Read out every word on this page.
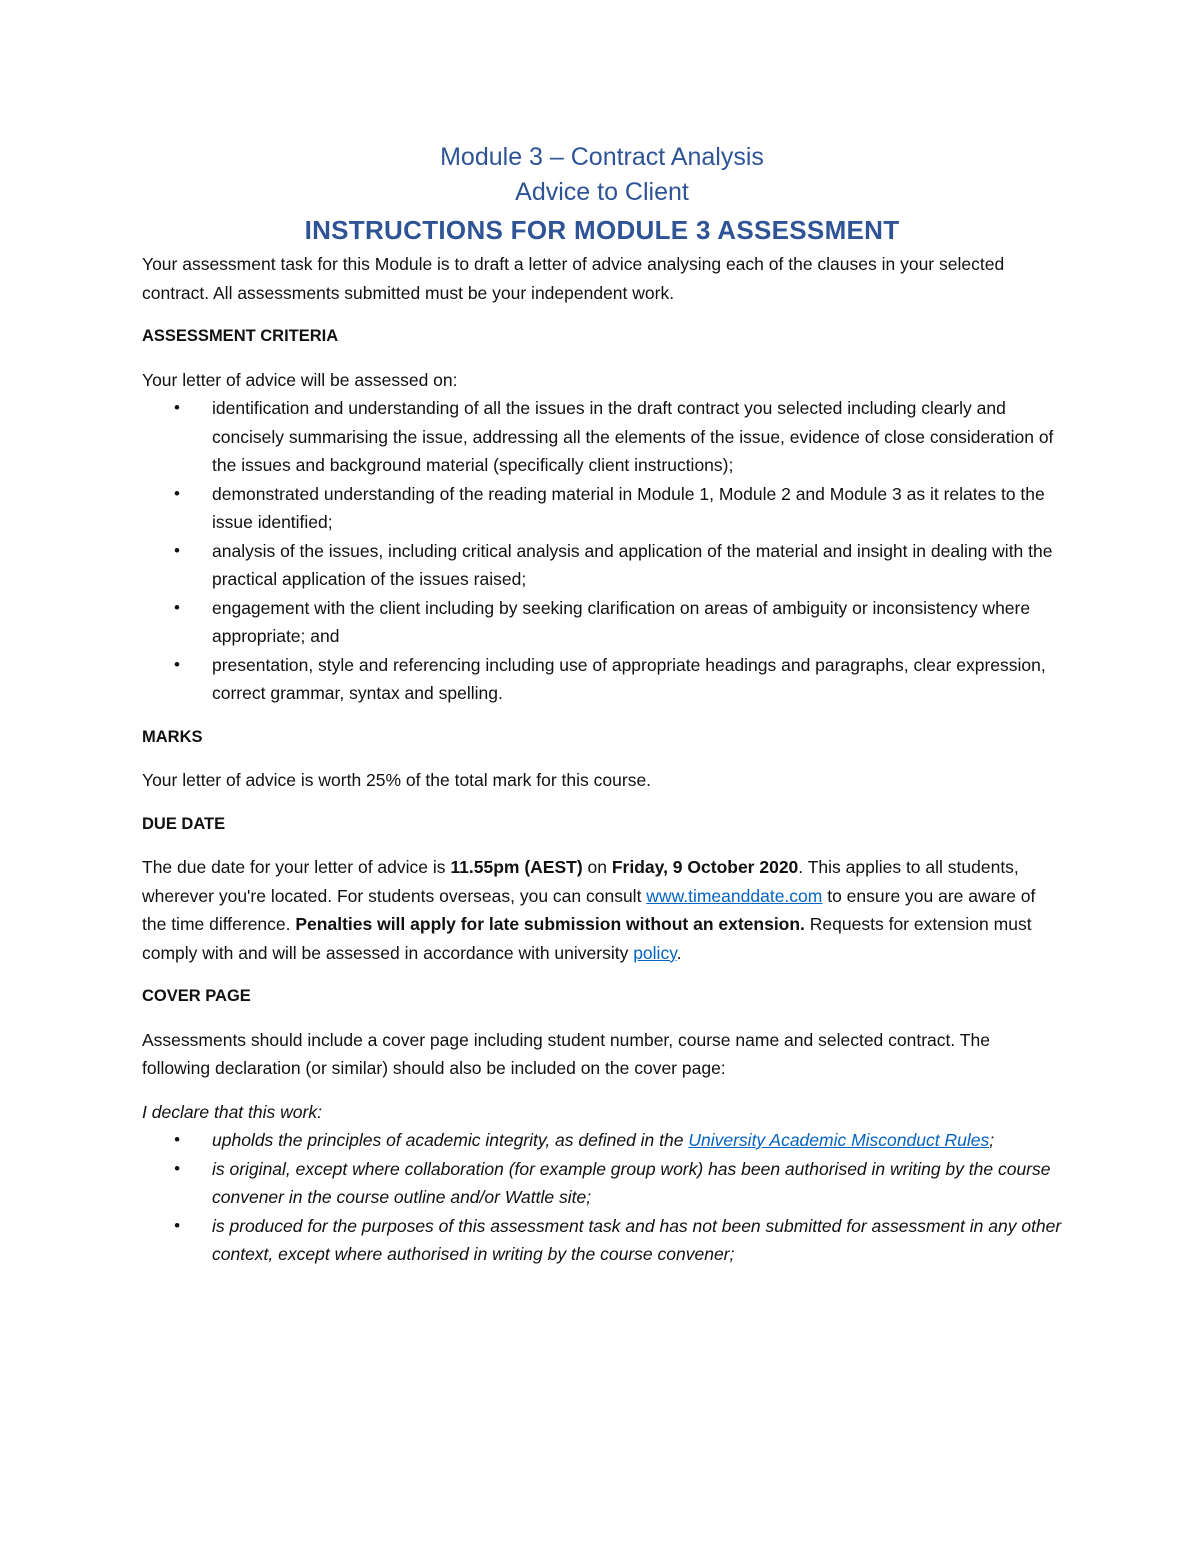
Module 3 – Contract Analysis
Advice to Client
INSTRUCTIONS FOR MODULE 3 ASSESSMENT

Your assessment task for this Module is to draft a letter of advice analysing each of the clauses in your selected contract. All assessments submitted must be your independent work.

ASSESSMENT CRITERIA

Your letter of advice will be assessed on:

• identification and understanding of all the issues in the draft contract you selected including clearly and concisely summarising the issue, addressing all the elements of the issue, evidence of close consideration of the issues and background material (specifically client instructions);
• demonstrated understanding of the reading material in Module 1, Module 2 and Module 3 as it relates to the issue identified;
• analysis of the issues, including critical analysis and application of the material and insight in dealing with the practical application of the issues raised;
• engagement with the client including by seeking clarification on areas of ambiguity or inconsistency where appropriate; and
• presentation, style and referencing including use of appropriate headings and paragraphs, clear expression, correct grammar, syntax and spelling.

MARKS

Your letter of advice is worth 25% of the total mark for this course.

DUE DATE

The due date for your letter of advice is 11.55pm (AEST) on Friday, 9 October 2020. This applies to all students, wherever you're located. For students overseas, you can consult www.timeanddate.com to ensure you are aware of the time difference. Penalties will apply for late submission without an extension. Requests for extension must comply with and will be assessed in accordance with university policy.

COVER PAGE

Assessments should include a cover page including student number, course name and selected contract. The following declaration (or similar) should also be included on the cover page:

I declare that this work:

• upholds the principles of academic integrity, as defined in the University Academic Misconduct Rules;
• is original, except where collaboration (for example group work) has been authorised in writing by the course convener in the course outline and/or Wattle site;
• is produced for the purposes of this assessment task and has not been submitted for assessment in any other context, except where authorised in writing by the course convener;
